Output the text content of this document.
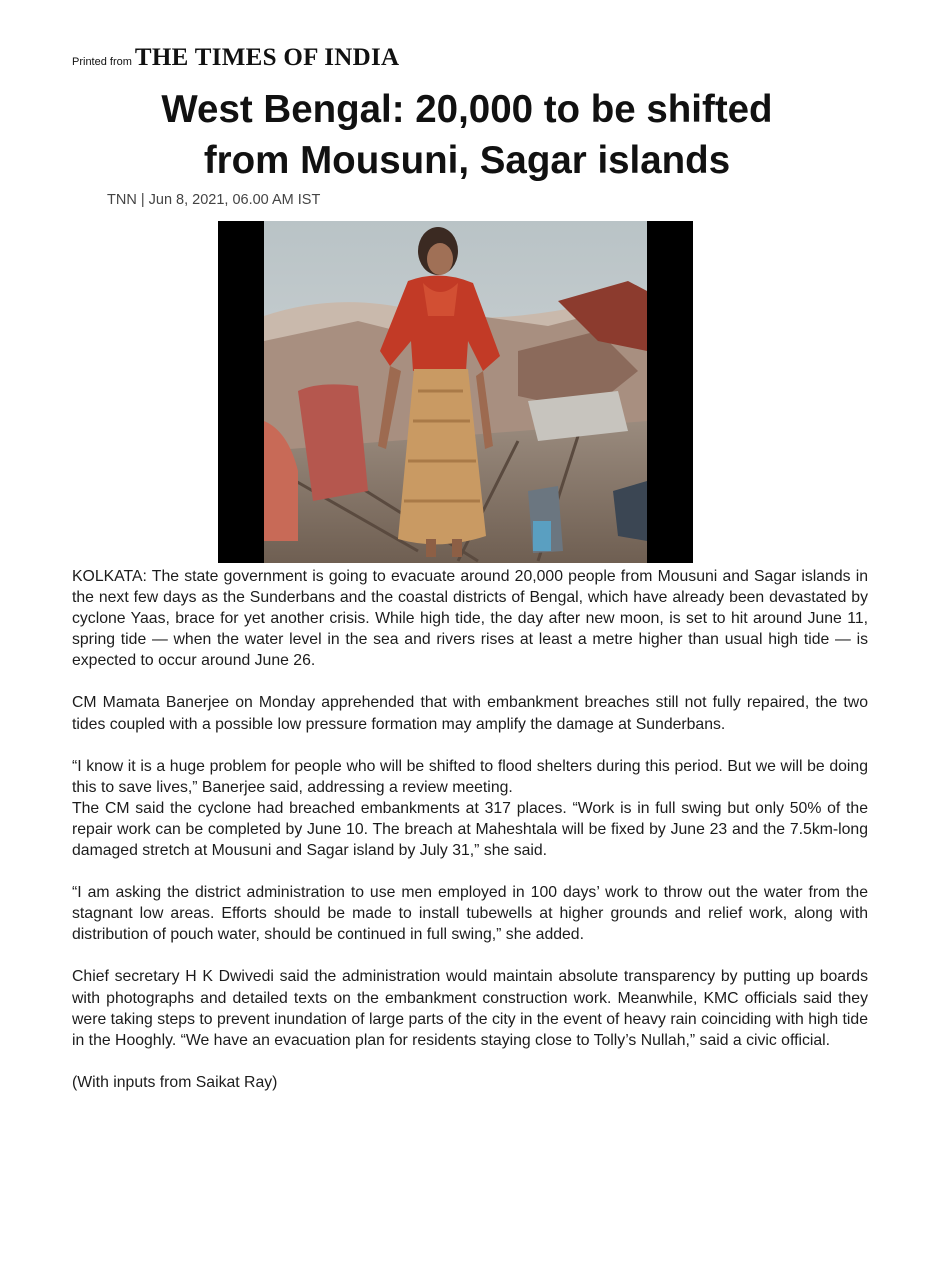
Printed from THE TIMES OF INDIA
West Bengal: 20,000 to be shifted
from Mousuni, Sagar islands
TNN | Jun 8, 2021, 06.00 AM IST

KOLKATA: The state government is going to evacuate around 20,000 people from Mousuni and Sagar islands in the next few days as the Sunderbans and the coastal districts of Bengal, which have already been devastated by cyclone Yaas, brace for yet another crisis. While high tide, the day after new moon, is set to hit around June 11, spring tide — when the water level in the sea and rivers rises at least a metre higher than usual high tide — is expected to occur around June 26.

CM Mamata Banerjee on Monday apprehended that with embankment breaches still not fully repaired, the two tides coupled with a possible low pressure formation may amplify the damage at Sunderbans.

“I know it is a huge problem for people who will be shifted to flood shelters during this period. But we will be doing this to save lives,” Banerjee said, addressing a review meeting.

The CM said the cyclone had breached embankments at 317 places. “Work is in full swing but only 50% of the repair work can be completed by June 10. The breach at Maheshtala will be fixed by June 23 and the 7.5km-long damaged stretch at Mousuni and Sagar island by July 31,” she said.

“I am asking the district administration to use men employed in 100 days’ work to throw out the water from the stagnant low areas. Efforts should be made to install tubewells at higher grounds and relief work, along with distribution of pouch water, should be continued in full swing,” she added.

Chief secretary H K Dwivedi said the administration would maintain absolute transparency by putting up boards with photographs and detailed texts on the embankment construction work. Meanwhile, KMC officials said they were taking steps to prevent inundation of large parts of the city in the event of heavy rain coinciding with high tide in the Hooghly. “We have an evacuation plan for residents staying close to Tolly’s Nullah,” said a civic official.

(With inputs from Saikat Ray)
